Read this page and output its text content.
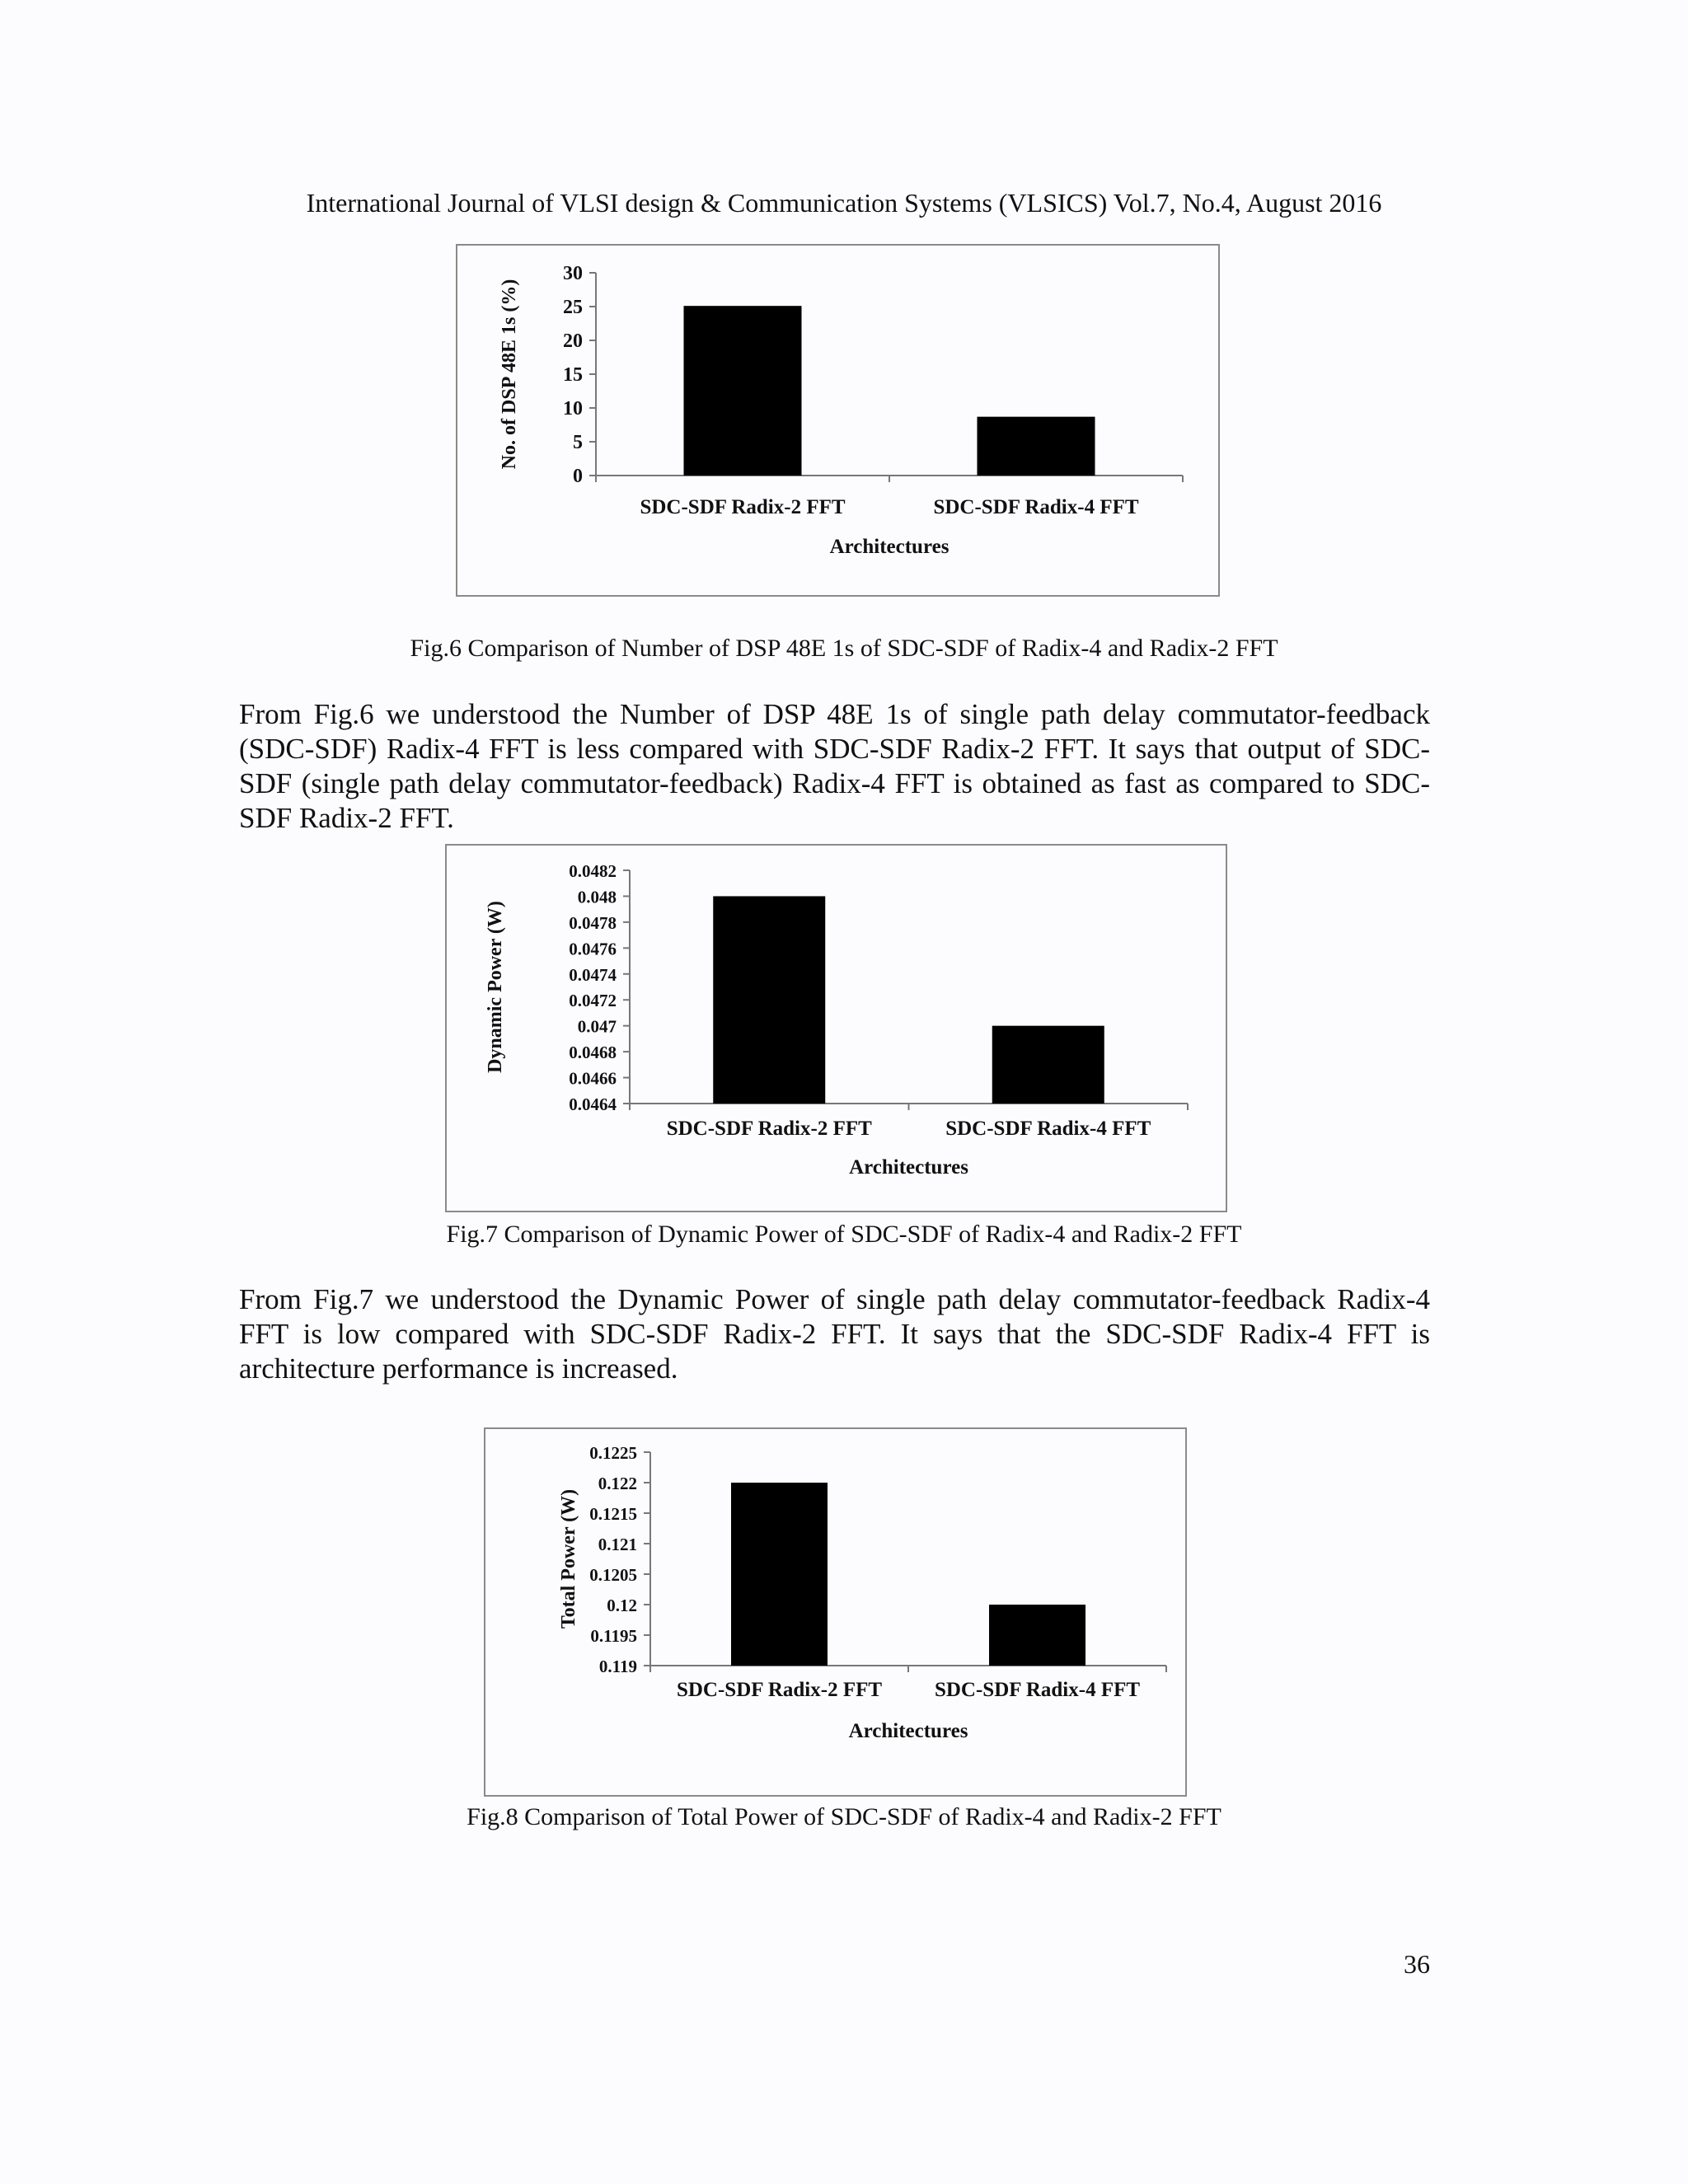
International Journal of VLSI design & Communication Systems (VLSICS) Vol.7, No.4, August 2016
0
5
10
15
20
25
30
SDC-SDF Radix-2 FFT	SDC-SDF Radix-4 FFT
Architectures
No. of DSP 48E 1s (%)
Fig.6 Comparison of Number of DSP 48E 1s of SDC-SDF of Radix-4 and Radix-2 FFT

From Fig.6 we understood the Number of DSP 48E 1s of single path delay commutator-feedback (SDC-SDF) Radix-4 FFT is less compared with SDC-SDF Radix-2 FFT. It says that output of SDC-SDF (single path delay commutator-feedback) Radix-4 FFT is obtained as fast as compared to SDC-SDF Radix-2 FFT.

0.0464
0.0466
0.0468
0.047
0.0472
0.0474
0.0476
0.0478
0.048
0.0482
SDC-SDF Radix-2 FFT	SDC-SDF Radix-4 FFT
Architectures
Dynamic Power (W)
Fig.7 Comparison of Dynamic Power of SDC-SDF of Radix-4 and Radix-2 FFT

From Fig.7 we understood the Dynamic Power of single path delay commutator-feedback Radix-4 FFT is low compared with SDC-SDF Radix-2 FFT. It says that the SDC-SDF Radix-4 FFT is architecture performance is increased.

0.119
0.1195
0.12
0.1205
0.121
0.1215
0.122
0.1225
SDC-SDF Radix-2 FFT	SDC-SDF Radix-4 FFT
Architectures
Total Power (W)
Fig.8 Comparison of Total Power of SDC-SDF of Radix-4 and Radix-2 FFT
36
